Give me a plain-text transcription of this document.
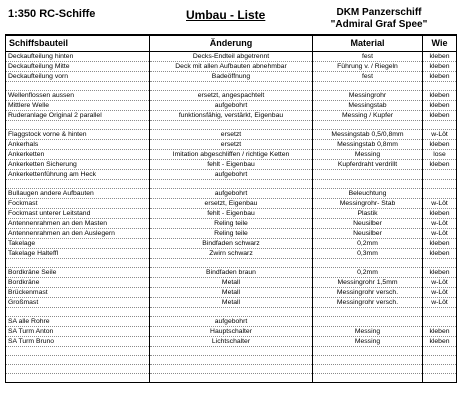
1:350 RC-Schiffe	Umbau - Liste	DKM Panzerschiff
"Admiral Graf Spee"
Schiffsbauteil	Änderung	Material	Wie
Deckaufteilung hinten	Decks-Endteil abgetrennt	fest	kleben
Deckaufteilung Mitte	Deck mit allen Aufbauten abnehmbar	Führung v. / Riegeln	kleben
Deckaufteilung vorn	Badeöffnung	fest	kleben

Wellenflossen aussen	ersetzt, angespachtelt	Messingrohr	kleben
Mittlere Welle	aufgebohrt	Messingstab	kleben
Ruderanlage Original 2 parallel	funktionsfähig, verstärkt, Eigenbau	Messing / Kupfer	kleben

Flaggstock vorne & hinten	ersetzt	Messingstab 0,5/0,8mm	w-Löt
Ankerhals	ersetzt	Messingstab 0,8mm	kleben
Ankerketten	Imitation abgeschliffen / richtige Ketten	Messing	lose
Ankerketten Sicherung	fehlt - Eigenbau	Kupferdraht verdrillt	kleben
Ankerkettenführung am Heck	aufgebohrt		

Bullaugen andere Aufbauten	aufgebohrt	Beleuchtung	
Fockmast	ersetzt, Eigenbau	Messingrohr- Stab	w-Löt
Fockmast unterer Leitstand	fehlt - Eigenbau	Plastik	kleben
Antennenrahmen an den Masten	Reling teile	Neusilber	w-Löt
Antennenrahmen an den Auslegern	Reling teile	Neusilber	w-Löt
Takelage	Bindfaden schwarz	0,2mm	kleben
Takelage Halteffl	Zwirn schwarz	0,3mm	kleben

Bordkräne Seile	Bindfaden braun	0,2mm	kleben
Bordkräne	Metall	Messingrohr 1,5mm	w-Löt
Brückenmast	Metall	Messingrohr versch.	w-Löt
Großmast	Metall	Messingrohr versch.	w-Löt

SA alle Rohre	aufgebohrt		
SA Turm Anton	Hauptschalter	Messing	kleben
SA Turm Bruno	Lichtschalter	Messing	kleben
